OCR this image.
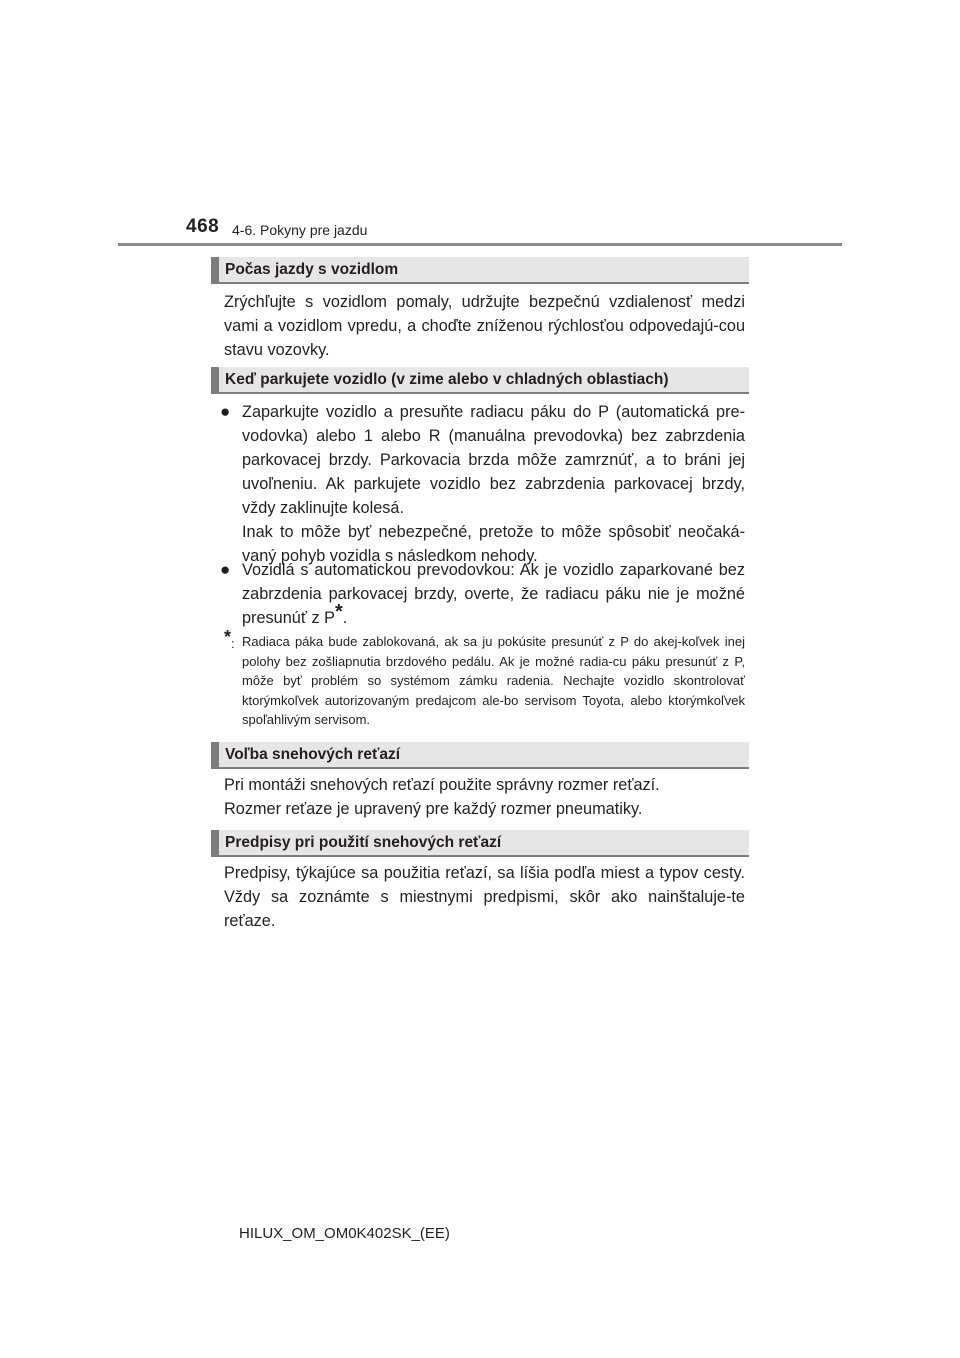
468 4-6. Pokyny pre jazdu
Počas jazdy s vozidlom
Zrýchľujte s vozidlom pomaly, udržujte bezpečnú vzdialenosť medzi vami a vozidlom vpredu, a choďte zníženou rýchlosťou odpovedajú-cou stavu vozovky.
Keď parkujete vozidlo (v zime alebo v chladných oblastiach)
● Zaparkujte vozidlo a presuňte radiacu páku do P (automatická pre-vodovka) alebo 1 alebo R (manuálna prevodovka) bez zabrzdenia parkovacej brzdy. Parkovacia brzda môže zamrznúť, a to bráni jej uvoľneniu. Ak parkujete vozidlo bez zabrzdenia parkovacej brzdy, vždy zaklinujte kolesá.
Inak to môže byť nebezpečné, pretože to môže spôsobiť neočaká-vaný pohyb vozidla s následkom nehody.
● Vozidlá s automatickou prevodovkou: Ak je vozidlo zaparkované bez zabrzdenia parkovacej brzdy, overte, že radiacu páku nie je možné presunúť z P*.
*: Radiaca páka bude zablokovaná, ak sa ju pokúsite presunúť z P do akej-koľvek inej polohy bez zošliapnutia brzdového pedálu. Ak je možné radia-cu páku presunúť z P, môže byť problém so systémom zámku radenia. Nechajte vozidlo skontrolovať ktorýmkoľvek autorizovaným predajcom ale-bo servisom Toyota, alebo ktorýmkoľvek spoľahlivým servisom.
Voľba snehových reťazí
Pri montáži snehových reťazí použite správny rozmer reťazí.
Rozmer reťaze je upravený pre každý rozmer pneumatiky.
Predpisy pri použití snehových reťazí
Predpisy, týkajúce sa použitia reťazí, sa líšia podľa miest a typov cesty. Vždy sa zoznámte s miestnymi predpismi, skôr ako nainštaluje-te reťaze.
HILUX_OM_OM0K402SK_(EE)
